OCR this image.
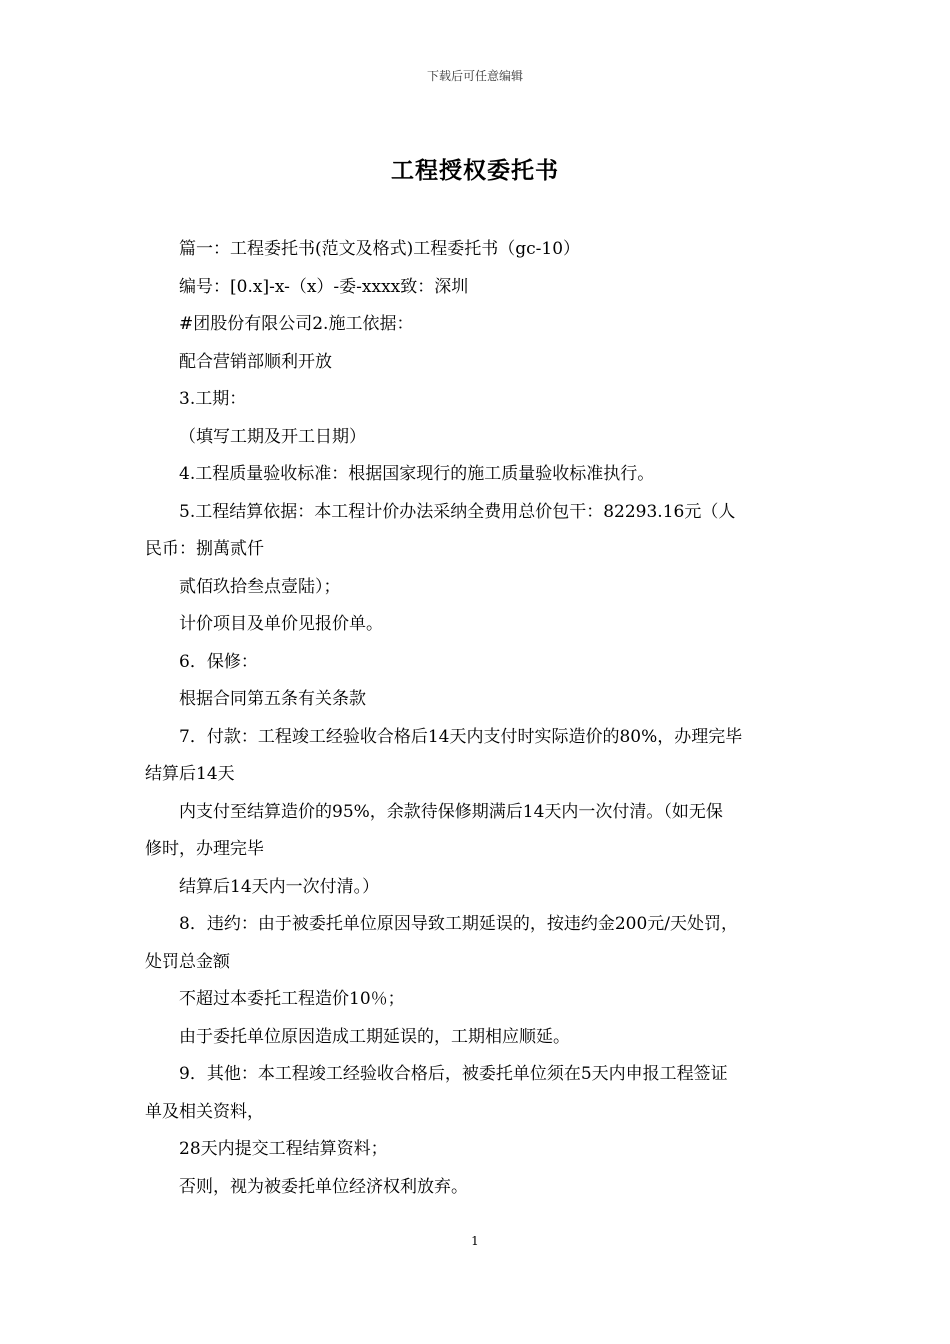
下载后可任意编辑
工程授权委托书

篇一：工程委托书(范文及格式)工程委托书（gc-10）

编号：[0.x]-x-（x）-委-xxxx致：深圳

#团股份有限公司2.施工依据：

配合营销部顺利开放

3.工期：

（填写工期及开工日期）

4.工程质量验收标准：根据国家现行的施工质量验收标准执行。

5.工程结算依据：本工程计价办法采纳全费用总价包干：82293.16元（人

民币：捌萬贰仟

贰佰玖拾叁点壹陆）；

计价项目及单价见报价单。

6．保修：

根据合同第五条有关条款

7．付款：工程竣工经验收合格后14天内支付时实际造价的80%，办理完毕

结算后14天

内支付至结算造价的95%，余款待保修期满后14天内一次付清。（如无保

修时，办理完毕

结算后14天内一次付清。）

8．违约：由于被委托单位原因导致工期延误的，按违约金200元/天处罚，

处罚总金额

不超过本委托工程造价10％；

由于委托单位原因造成工期延误的，工期相应顺延。

9．其他：本工程竣工经验收合格后，被委托单位须在5天内申报工程签证

单及相关资料，

28天内提交工程结算资料；

否则，视为被委托单位经济权利放弃。

1
